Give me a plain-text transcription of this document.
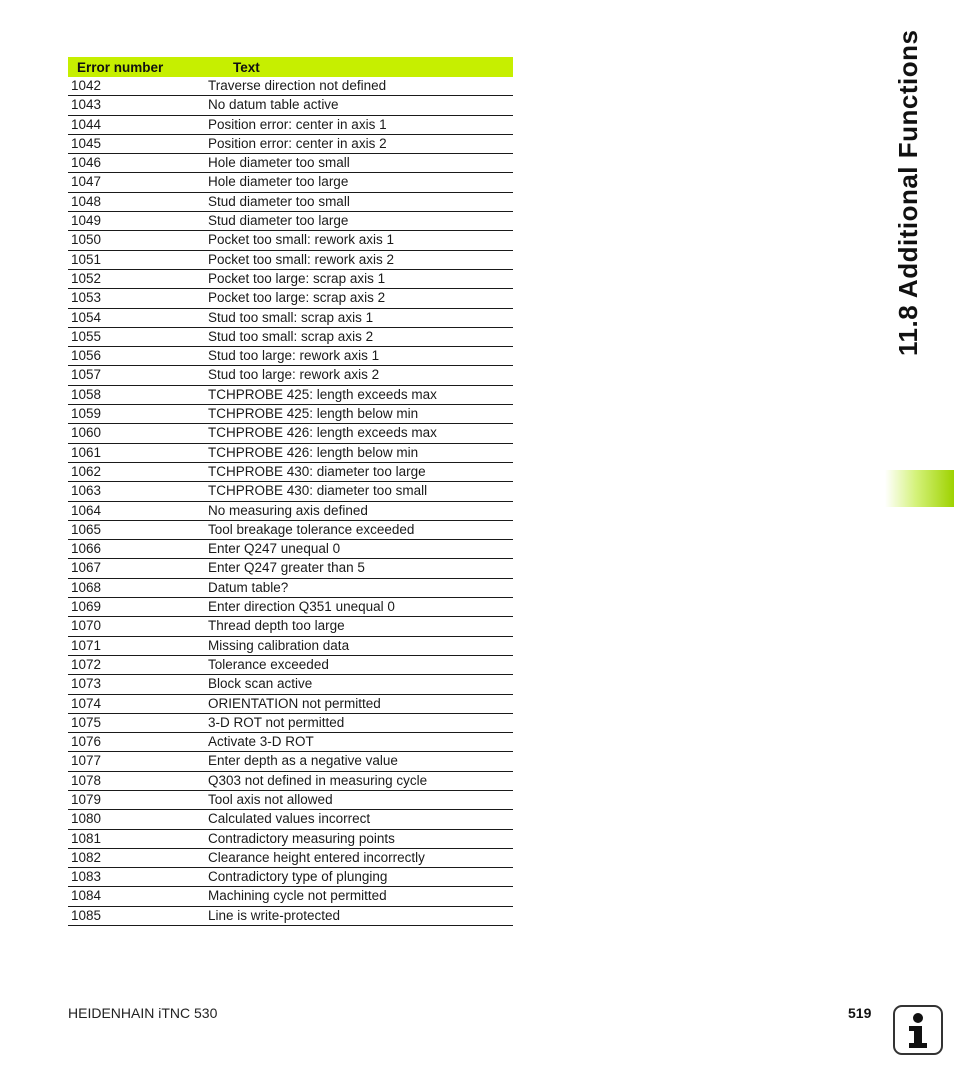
Error number	Text
1042	Traverse direction not defined
1043	No datum table active
1044	Position error: center in axis 1
1045	Position error: center in axis 2
1046	Hole diameter too small
1047	Hole diameter too large
1048	Stud diameter too small
1049	Stud diameter too large
1050	Pocket too small: rework axis 1
1051	Pocket too small: rework axis 2
1052	Pocket too large: scrap axis 1
1053	Pocket too large: scrap axis 2
1054	Stud too small: scrap axis 1
1055	Stud too small: scrap axis 2
1056	Stud too large: rework axis 1
1057	Stud too large: rework axis 2
1058	TCHPROBE 425: length exceeds max
1059	TCHPROBE 425: length below min
1060	TCHPROBE 426: length exceeds max
1061	TCHPROBE 426: length below min
1062	TCHPROBE 430: diameter too large
1063	TCHPROBE 430: diameter too small
1064	No measuring axis defined
1065	Tool breakage tolerance exceeded
1066	Enter Q247 unequal 0
1067	Enter Q247 greater than 5
1068	Datum table?
1069	Enter direction Q351 unequal 0
1070	Thread depth too large
1071	Missing calibration data
1072	Tolerance exceeded
1073	Block scan active
1074	ORIENTATION not permitted
1075	3-D ROT not permitted
1076	Activate 3-D ROT
1077	Enter depth as a negative value
1078	Q303 not defined in measuring cycle
1079	Tool axis not allowed
1080	Calculated values incorrect
1081	Contradictory measuring points
1082	Clearance height entered incorrectly
1083	Contradictory type of plunging
1084	Machining cycle not permitted
1085	Line is write-protected
11.8 Additional Functions
HEIDENHAIN iTNC 530	519
